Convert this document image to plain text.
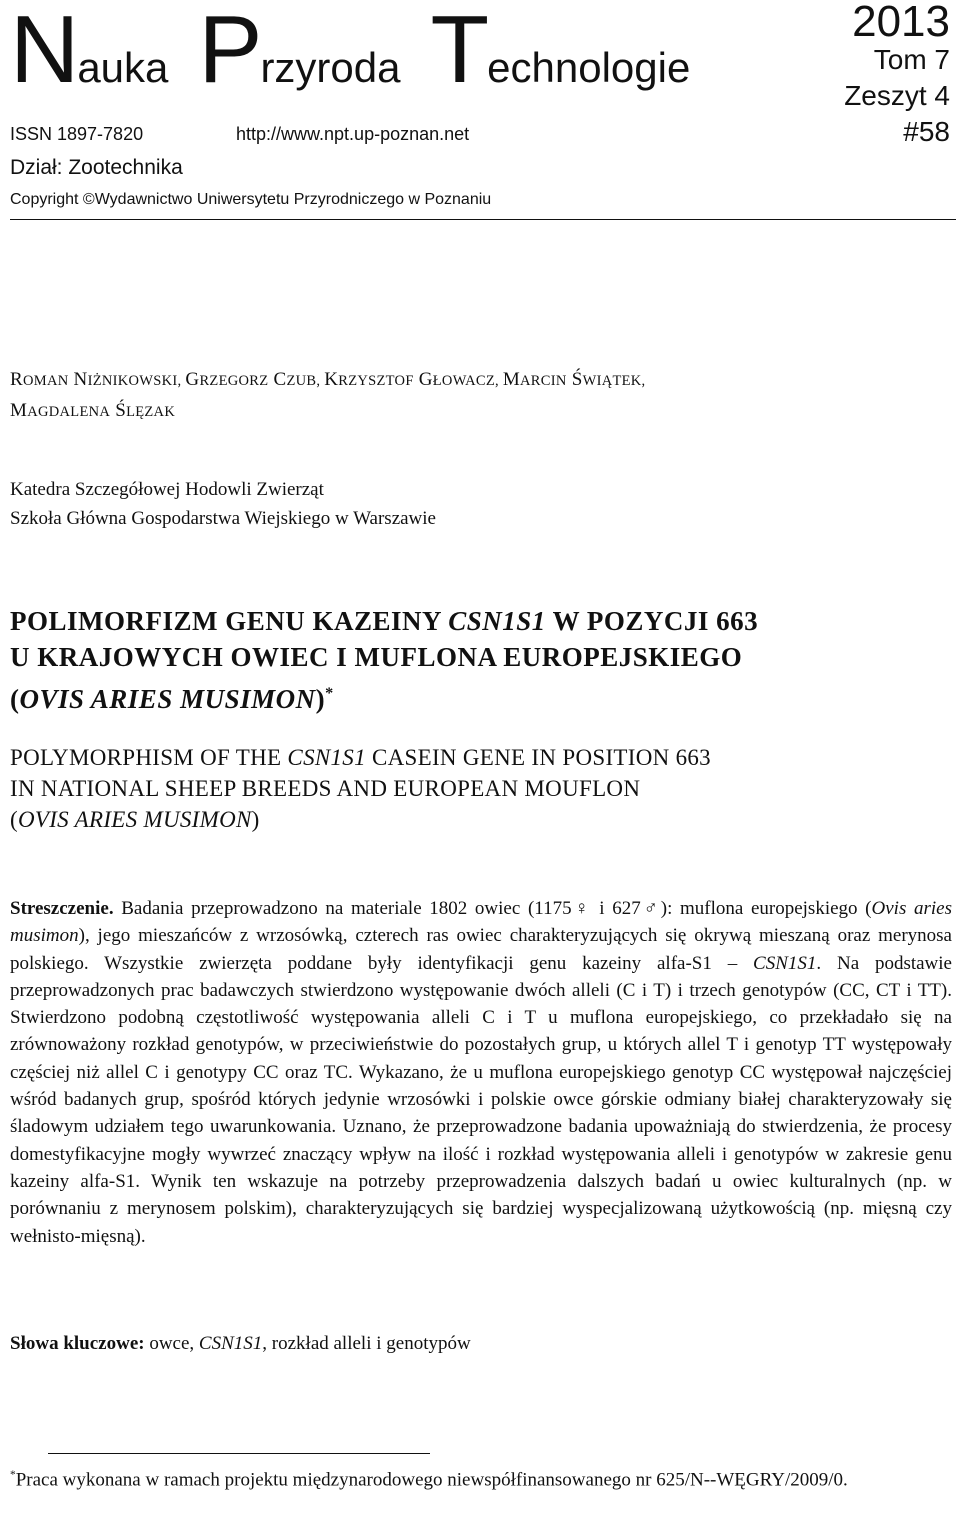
Nauka Przyroda Technologie
2013
Tom 7
Zeszyt 4
#58
ISSN 1897-7820	http://www.npt.up-poznan.net
Dział: Zootechnika
Copyright ©Wydawnictwo Uniwersytetu Przyrodniczego w Poznaniu
ROMAN NIŻNIKOWSKI, GRZEGORZ CZUB, KRZYSZTOF GŁOWACZ, MARCIN ŚWIĄTEK,
MAGDALENA ŚLĘZAK
Katedra Szczegółowej Hodowli Zwierząt
Szkoła Główna Gospodarstwa Wiejskiego w Warszawie
POLIMORFIZM GENU KAZEINY CSN1S1 W POZYCJI 663
U KRAJOWYCH OWIEC I MUFLONA EUROPEJSKIEGO
(OVIS ARIES MUSIMON)*
POLYMORPHISM OF THE CSN1S1 CASEIN GENE IN POSITION 663
IN NATIONAL SHEEP BREEDS AND EUROPEAN MOUFLON
(OVIS ARIES MUSIMON)
Streszczenie. Badania przeprowadzono na materiale 1802 owiec (1175♀ i 627♂): muflona europejskiego (Ovis aries musimon), jego mieszańców z wrzosówką, czterech ras owiec charakteryzujących się okrywą mieszaną oraz merynosa polskiego. Wszystkie zwierzęta poddane były identyfikacji genu kazeiny alfa-S1 – CSN1S1. Na podstawie przeprowadzonych prac badawczych stwierdzono występowanie dwóch alleli (C i T) i trzech genotypów (CC, CT i TT). Stwierdzono podobną częstotliwość występowania alleli C i T u muflona europejskiego, co przekładało się na zrównoważony rozkład genotypów, w przeciwieństwie do pozostałych grup, u których allel T i genotyp TT występowały częściej niż allel C i genotypy CC oraz TC. Wykazano, że u muflona europejskiego genotyp CC występował najczęściej wśród badanych grup, spośród których jedynie wrzosówki i polskie owce górskie odmiany białej charakteryzowały się śladowym udziałem tego uwarunkowania. Uznano, że przeprowadzone badania upoważniają do stwierdzenia, że procesy domestyfikacyjne mogły wywrzeć znaczący wpływ na ilość i rozkład występowania alleli i genotypów w zakresie genu kazeiny alfa-S1. Wynik ten wskazuje na potrzeby przeprowadzenia dalszych badań u owiec kulturalnych (np. w porównaniu z merynosem polskim), charakteryzujących się bardziej wyspecjalizowaną użytkowością (np. mięsną czy wełnisto-mięsną).
Słowa kluczowe: owce, CSN1S1, rozkład alleli i genotypów
*Praca wykonana w ramach projektu międzynarodowego niewspółfinansowanego nr 625/N--WĘGRY/2009/0.
